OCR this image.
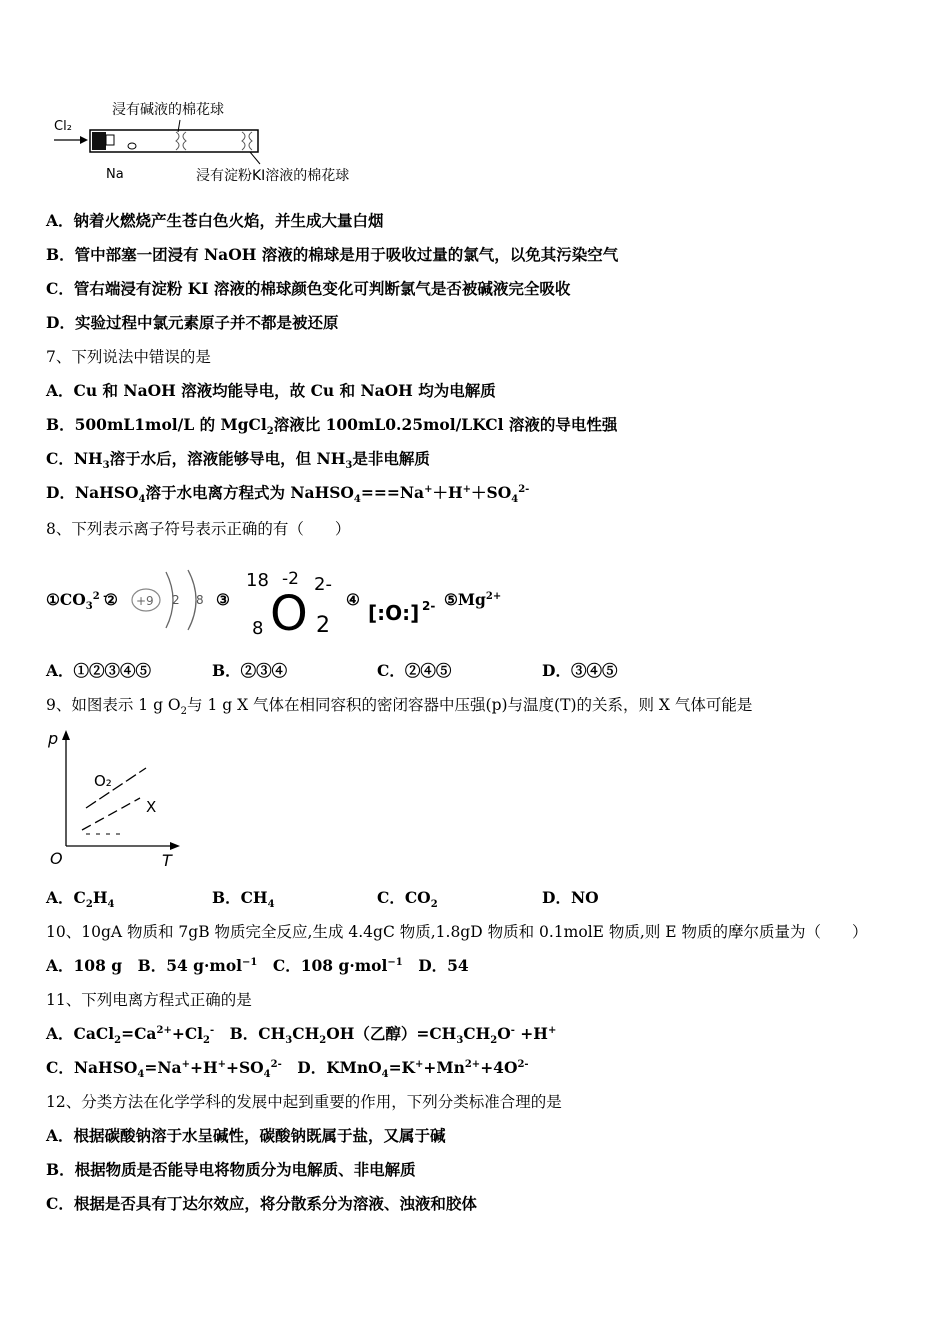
Cl₂
浸有碱液的棉花球
Na	浸有淀粉KI溶液的棉花球
A．钠着火燃烧产生苍白色火焰，并生成大量白烟
B．管中部塞一团浸有 NaOH 溶液的棉球是用于吸收过量的氯气，以免其污染空气
C．管右端浸有淀粉 KI 溶液的棉球颜色变化可判断氯气是否被碱液完全吸收
D．实验过程中氯元素原子并不都是被还原
7、下列说法中错误的是
A．Cu 和 NaOH 溶液均能导电，故 Cu 和 NaOH 均为电解质
B．500mL1mol/L 的 MgCl$_2$溶液比 100mL0.25mol/LKCl 溶液的导电性强
C．$NH_3$溶于水后，溶液能够导电，但 $NH_3$是非电解质
D．NaHSO$_4$溶于水电离方程式为 $NaHSO_4===Na^++H^++SO_4^{2-}$
8、下列表示离子符号表示正确的有（　　）
$①CO_3^{2 -}$
② +9 2 8 ③
18
8
-2
O
2-
2
④
[:O:] 2- $⑤Mg^{2+}$
A．①②③④⑤	B．②③④	C．②④⑤	D．③④⑤
9、如图表示 1 g $O_2$与 1 g X 气体在相同容积的密闭容器中压强(p)与温度(T)的关系，则 X 气体可能是
p
T
O
O₂
X
A．$C_2H_4$	B．$CH_4$	C．$CO_2$	D．NO
10、10gA 物质和 7gB 物质完全反应,生成 4.4gC 物质,1.8gD 物质和 0.1molE 物质,则 E 物质的摩尔质量为（　　）
A．108 g　B．54 g·mol$^{-1}$　C．108 g·mol$^{-1}$　D．54
11、下列电离方程式正确的是
A．$CaCl_2=Ca^{2+}+Cl_2^-$　B．$CH_3CH_2OH$（乙醇）$=CH_3CH_2O^- +H^+$
C．$NaHSO_4=Na^++H^++SO_4^{2-}$　D．$KMnO_4=K^++Mn^{2+}+4O^{2-}$
12、分类方法在化学学科的发展中起到重要的作用，下列分类标准合理的是
A．根据碳酸钠溶于水呈碱性，碳酸钠既属于盐，又属于碱
B．根据物质是否能导电将物质分为电解质、非电解质
C．根据是否具有丁达尔效应，将分散系分为溶液、浊液和胶体
